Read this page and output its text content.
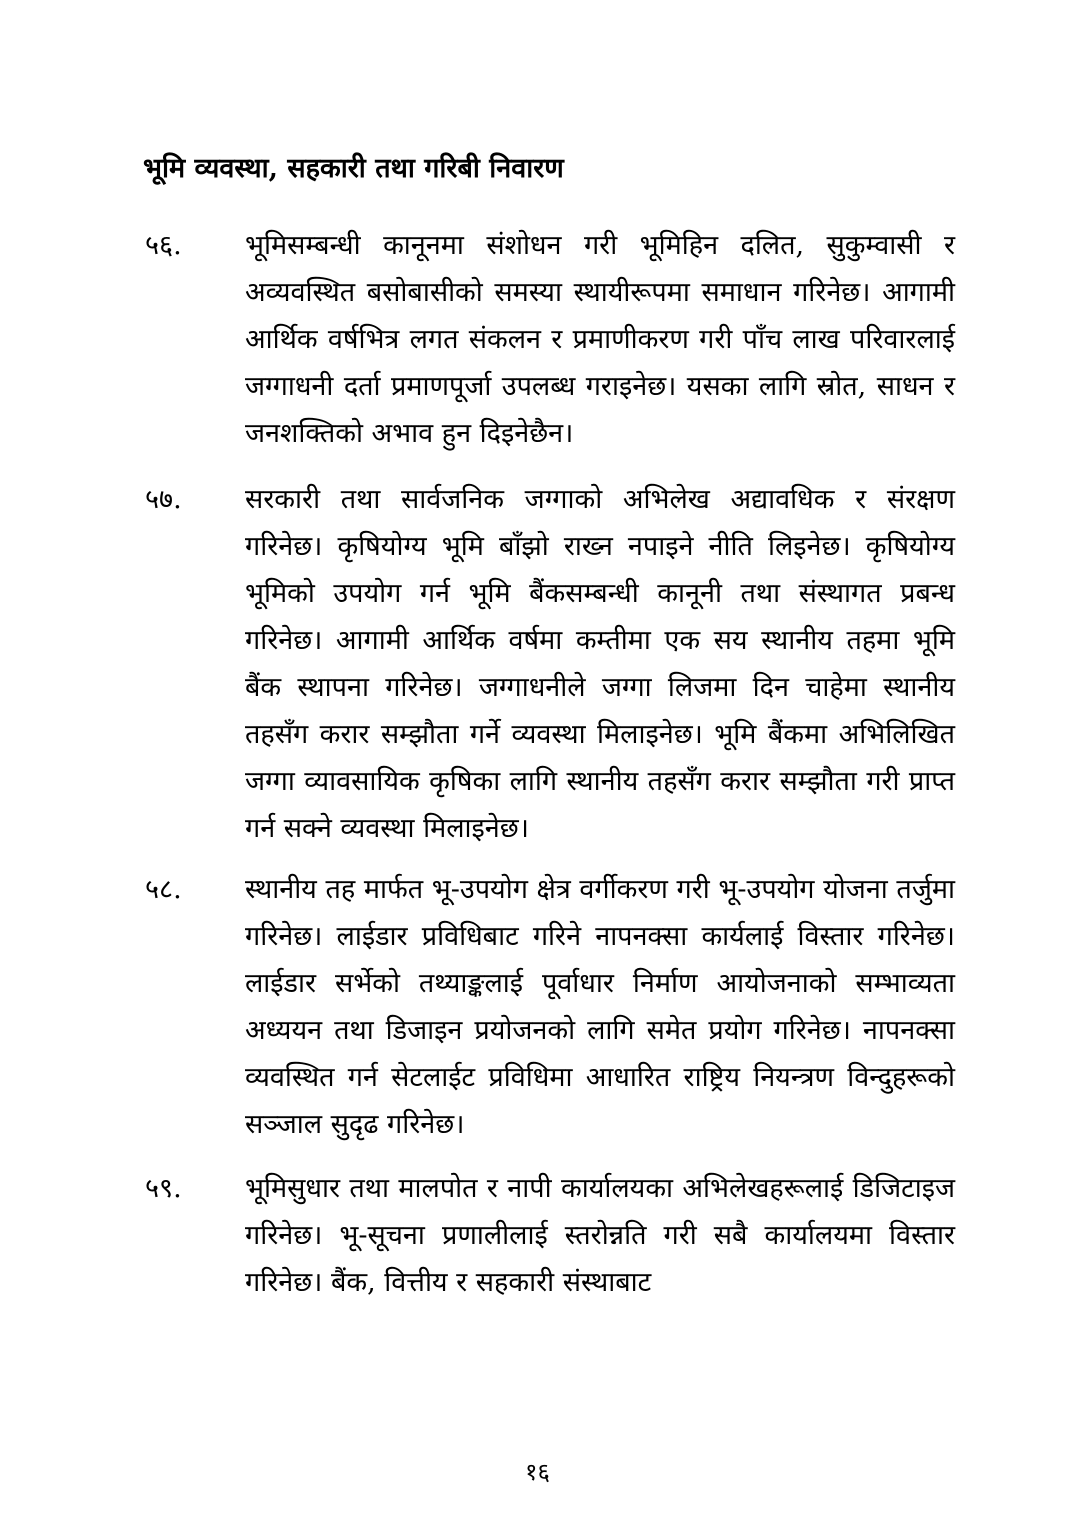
भूमि व्यवस्था, सहकारी तथा गरिबी निवारण
५६. भूमिसम्बन्धी कानूनमा संशोधन गरी भूमिहिन दलित, सुकुम्वासी र अव्यवस्थित बसोबासीको समस्या स्थायीरूपमा समाधान गरिनेछ। आगामी आर्थिक वर्षभित्र लगत संकलन र प्रमाणीकरण गरी पाँच लाख परिवारलाई जग्गाधनी दर्ता प्रमाणपूर्जा उपलब्ध गराइनेछ। यसका लागि स्रोत, साधन र जनशक्तिको अभाव हुन दिइनेछैन।
५७. सरकारी तथा सार्वजनिक जग्गाको अभिलेख अद्यावधिक र संरक्षण गरिनेछ। कृषियोग्य भूमि बाँझो राख्न नपाइने नीति लिइनेछ। कृषियोग्य भूमिको उपयोग गर्न भूमि बैंकसम्बन्धी कानूनी तथा संस्थागत प्रबन्ध गरिनेछ। आगामी आर्थिक वर्षमा कम्तीमा एक सय स्थानीय तहमा भूमि बैंक स्थापना गरिनेछ। जग्गाधनीले जग्गा लिजमा दिन चाहेमा स्थानीय तहसँग करार सम्झौता गर्ने व्यवस्था मिलाइनेछ। भूमि बैंकमा अभिलिखित जग्गा व्यावसायिक कृषिका लागि स्थानीय तहसँग करार सम्झौता गरी प्राप्त गर्न सक्ने व्यवस्था मिलाइनेछ।
५८. स्थानीय तह मार्फत भू-उपयोग क्षेत्र वर्गीकरण गरी भू-उपयोग योजना तर्जुमा गरिनेछ। लाईडार प्रविधिबाट गरिने नापनक्सा कार्यलाई विस्तार गरिनेछ। लाईडार सर्भेको तथ्याङ्कलाई पूर्वाधार निर्माण आयोजनाको सम्भाव्यता अध्ययन तथा डिजाइन प्रयोजनको लागि समेत प्रयोग गरिनेछ। नापनक्सा व्यवस्थित गर्न सेटलाईट प्रविधिमा आधारित राष्ट्रिय नियन्त्रण विन्दुहरूको सञ्जाल सुदृढ गरिनेछ।
५९. भूमिसुधार तथा मालपोत र नापी कार्यालयका अभिलेखहरूलाई डिजिटाइज गरिनेछ। भू-सूचना प्रणालीलाई स्तरोन्नति गरी सबै कार्यालयमा विस्तार गरिनेछ। बैंक, वित्तीय र सहकारी संस्थाबाट
१६
